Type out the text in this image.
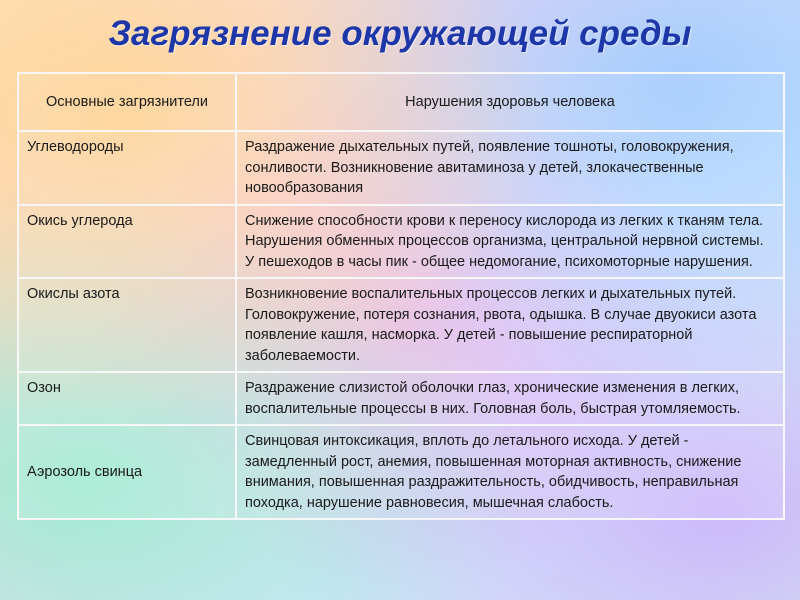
Загрязнение окружающей среды
Основные загрязнители	Нарушения здоровья человека
Углеводороды	Раздражение дыхательных путей, появление тошноты, головокружения, сонливости. Возникновение авитаминоза у детей, злокачественные новообразования
Окись углерода	Снижение способности крови к переносу кислорода из легких к тканям тела. Нарушения обменных процессов организма, центральной нервной системы. У пешеходов в часы пик - общее недомогание, психомоторные нарушения.
Окислы азота	Возникновение воспалительных процессов легких и дыхательных путей. Головокружение, потеря сознания, рвота, одышка. В случае двуокиси азота появление кашля, насморка. У детей - повышение респираторной заболеваемости.
Озон	Раздражение слизистой оболочки глаз, хронические изменения в легких, воспалительные процессы в них. Головная боль, быстрая утомляемость.
Аэрозоль свинца	Свинцовая интоксикация, вплоть до летального исхода. У детей - замедленный рост, анемия, повышенная моторная активность, снижение внимания, повышенная раздражительность, обидчивость, неправильная походка, нарушение равновесия, мышечная слабость.
